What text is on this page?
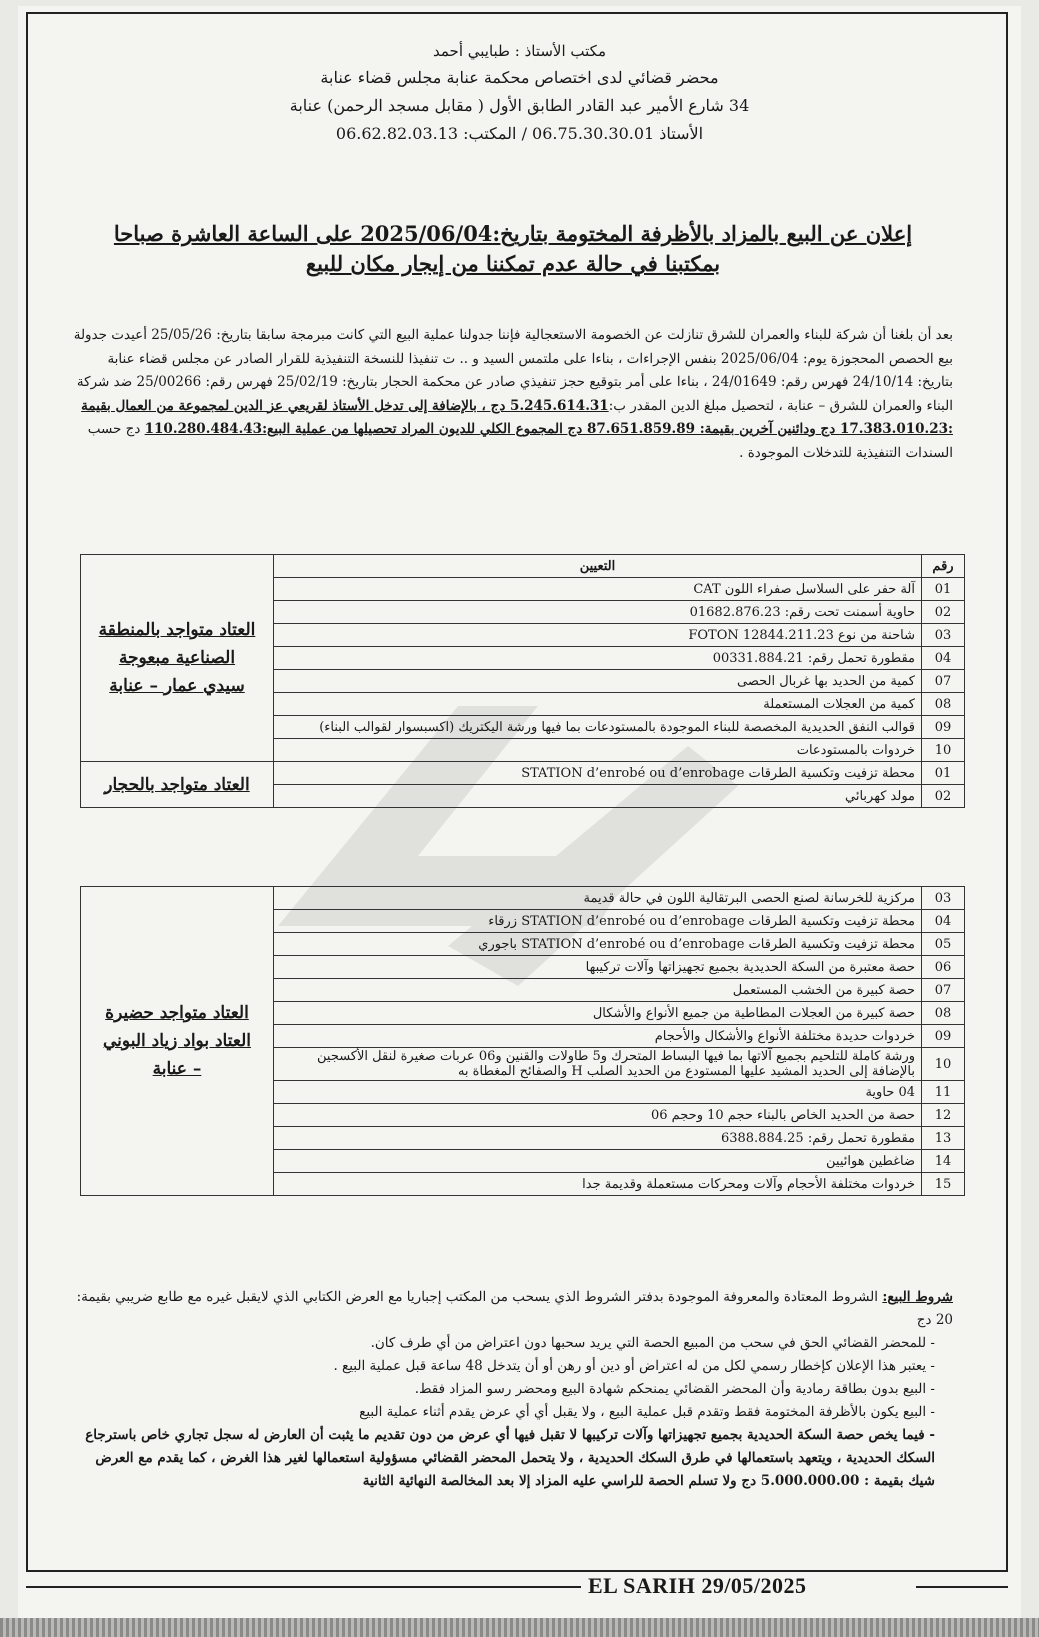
مكتب الأستاذ : طبايبي أحمد
محضر قضائي لدى اختصاص محكمة عنابة مجلس قضاء عنابة
34 شارع الأمير عبد القادر الطابق الأول ( مقابل مسجد الرحمن) عنابة
الأستاذ 06.75.30.30.01 / المكتب: 06.62.82.03.13
إعلان عن البيع بالمزاد بالأظرفة المختومة بتاريخ:2025/06/04 على الساعة العاشرة صباحا
بمكتبنا في حالة عدم تمكننا من إيجار مكان للبيع
بعد أن بلغنا أن شركة للبناء والعمران للشرق تنازلت عن الخصومة الاستعجالية فإننا جدولنا عملية البيع التي كانت مبرمجة سابقا بتاريخ: 25/05/26 أعيدت جدولة بيع الحصص المحجوزة يوم: 2025/06/04 بنفس الإجراءات ، بناءا على ملتمس السيد و .. ت تنفيذا للنسخة التنفيذية للقرار الصادر عن مجلس قضاء عنابة بتاريخ: 24/10/14 فهرس رقم: 24/01649 ، بناءا على أمر بتوقيع حجز تنفيذي صادر عن محكمة الحجار بتاريخ: 25/02/19 فهرس رقم: 25/00266 ضد شركة البناء والعمران للشرق – عنابة ، لتحصيل مبلغ الدين المقدر ب:5.245.614.31 دج ، بالإضافة إلى تدخل الأستاذ لقريعي عز الدين لمجموعة من العمال بقيمة :17.383.010.23 دج ودائنين آخرين بقيمة: 87.651.859.89 دج المجموع الكلي للديون المراد تحصيلها من عملية البيع:110.280.484.43 دج حسب السندات التنفيذية للتدخلات الموجودة .
رقم	التعيين	العتاد متواجد بالمنطقة
الصناعية مبعوجة
سيدي عمار – عنابة
01	آلة حفر على السلاسل صفراء اللون CAT	
02	حاوية أسمنت تحت رقم: 01682.876.23	
03	شاحنة من نوع FOTON 12844.211.23	
04	مقطورة تحمل رقم: 00331.884.21	
07	كمية من الحديد بها غربال الحصى	
08	كمية من العجلات المستعملة	
09	قوالب النفق الحديدية المخصصة للبناء الموجودة بالمستودعات بما فيها ورشة اليكتريك (اكسبسوار لقوالب البناء)	
10	خردوات بالمستودعات	
01	محطة تزفيت وتكسية الطرقات STATION d’enrobé ou d’enrobage	العتاد متواجد بالحجار
02	مولد كهربائي	
03	مركزية للخرسانة لصنع الحصى البرتقالية اللون في حالة قديمة	العتاد متواجد حضيرة
العتاد بواد زياد البوني
– عنابة
04	محطة تزفيت وتكسية الطرقات STATION d’enrobé ou d’enrobage زرقاء	
05	محطة تزفيت وتكسية الطرقات STATION d’enrobé ou d’enrobage باجوري	
06	حصة معتبرة من السكة الحديدية بجميع تجهيزاتها وآلات تركيبها	
07	حصة كبيرة من الخشب المستعمل	
08	حصة كبيرة من العجلات المطاطية من جميع الأنواع والأشكال	
09	خردوات حديدة مختلفة الأنواع والأشكال والأحجام	
10	ورشة كاملة للتلحيم بجميع آلاتها بما فيها البساط المتحرك و5 طاولات والقنين و06 عربات صغيرة لنقل الأكسجين بالإضافة إلى الحديد المشيد عليها المستودع من الحديد الصلب H والصفائح المغطاة به	
11	04 حاوية	
12	حصة من الحديد الخاص بالبناء حجم 10 وحجم 06	
13	مقطورة تحمل رقم: 6388.884.25	
14	ضاغطين هوائيين	
15	خردوات مختلفة الأحجام وآلات ومحركات مستعملة وقديمة جدا	
شروط البيع: الشروط المعتادة والمعروفة الموجودة بدفتر الشروط الذي يسحب من المكتب إجباريا مع العرض الكتابي الذي لايقبل غيره مع طابع ضريبي بقيمة: 20 دج
- للمحضر القضائي الحق في سحب من المبيع الحصة التي يريد سحبها دون اعتراض من أي طرف كان.
- يعتبر هذا الإعلان كإخطار رسمي لكل من له اعتراض أو دين أو رهن أو أن يتدخل 48 ساعة قبل عملية البيع .
- البيع بدون بطاقة رمادية وأن المحضر القضائي يمنحكم شهادة البيع ومحضر رسو المزاد فقط.
- البيع يكون بالأظرفة المختومة فقط وتقدم قبل عملية البيع ، ولا يقبل أي أي عرض يقدم أثناء عملية البيع
- فيما يخص حصة السكة الحديدية بجميع تجهيزاتها وآلات تركيبها لا تقبل فيها أي عرض من دون تقديم ما يثبت أن العارض له سجل تجاري خاص باسترجاع السكك الحديدية ، ويتعهد باستعمالها في طرق السكك الحديدية ، ولا يتحمل المحضر القضائي مسؤولية استعمالها لغير هذا الغرض ، كما يقدم مع العرض شيك بقيمة : 5.000.000.00 دج ولا تسلم الحصة للراسي عليه المزاد إلا بعد المخالصة النهائية الثانية
EL SARIH 29/05/2025
